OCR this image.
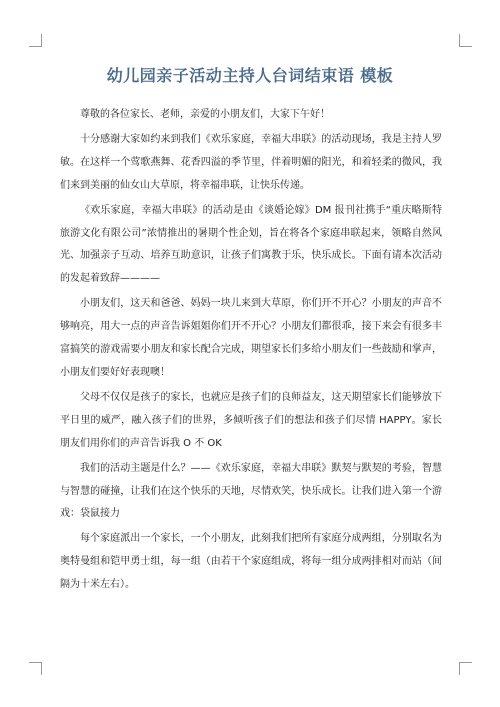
幼儿园亲子活动主持人台词结束语 模板

尊敬的各位家长、老师，亲爱的小朋友们，大家下午好！

十分感谢大家如约来到我们《欢乐家庭，幸福大串联》的活动现场，我是主持人罗敏。在这样一个莺歌燕舞、花香四溢的季节里，伴着明媚的阳光，和着轻柔的微风，我们来到美丽的仙女山大草原，将幸福串联，让快乐传递。

《欢乐家庭，幸福大串联》的活动是由《谈婚论嫁》DM 报刊社携手“重庆略斯特旅游文化有限公司”浓情推出的暑期个性企划，旨在将各个家庭串联起来，领略自然风光、加强亲子互动、培养互助意识，让孩子们寓教于乐，快乐成长。下面有请本次活动的发起着致辞————

小朋友们，这天和爸爸、妈妈一块儿来到大草原，你们开不开心？小朋友的声音不够响亮，用大一点的声音告诉姐姐你们开不开心？小朋友们都很乖，接下来会有很多丰富搞笑的游戏需要小朋友和家长配合完成，期望家长们多给小朋友们一些鼓励和掌声，小朋友们要好好表现噢！

父母不仅仅是孩子的家长，也就应是孩子们的良师益友，这天期望家长们能够放下平日里的威严，融入孩子们的世界，多倾听孩子们的想法和孩子们尽情 HAPPY。家长朋友们用你们的声音告诉我 O 不 OK

我们的活动主题是什么？——《欢乐家庭，幸福大串联》默契与默契的考验，智慧与智慧的碰撞，让我们在这个快乐的天地，尽情欢笑，快乐成长。让我们进入第一个游戏：袋鼠接力

每个家庭派出一个家长，一个小朋友，此刻我们把所有家庭分成两组，分别取名为奥特曼组和铠甲勇士组，每一组（由若干个家庭组成，将每一组分成两排相对而站（间隔为十米左右）。
